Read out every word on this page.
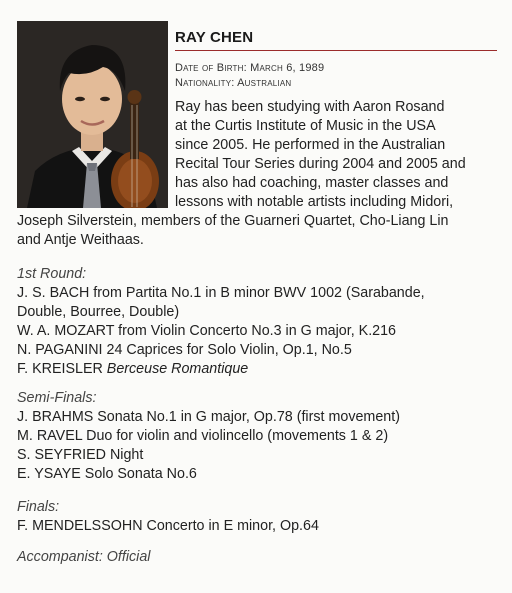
RAY CHEN
Date of Birth: March 6, 1989
Nationality: Australian
Ray has been studying with Aaron Rosand
at the Curtis Institute of Music in the USA
since 2005. He performed in the Australian
Recital Tour Series during 2004 and 2005 and
has also had coaching, master classes and
lessons with notable artists including Midori,
Joseph Silverstein, members of the Guarneri Quartet, Cho-Liang Lin
and Antje Weithaas.
1st Round:
J. S. BACH from Partita No.1 in B minor BWV 1002 (Sarabande,
Double, Bourree, Double)
W. A. MOZART from Violin Concerto No.3 in G major, K.216
N. PAGANINI 24 Caprices for Solo Violin, Op.1, No.5
F. KREISLER Berceuse Romantique
Semi-Finals:
J. BRAHMS Sonata No.1 in G major, Op.78 (first movement)
M. RAVEL Duo for violin and violincello (movements 1 & 2)
S. SEYFRIED Night
E. YSAYE Solo Sonata No.6
Finals:
F. MENDELSSOHN Concerto in E minor, Op.64
Accompanist: Official
